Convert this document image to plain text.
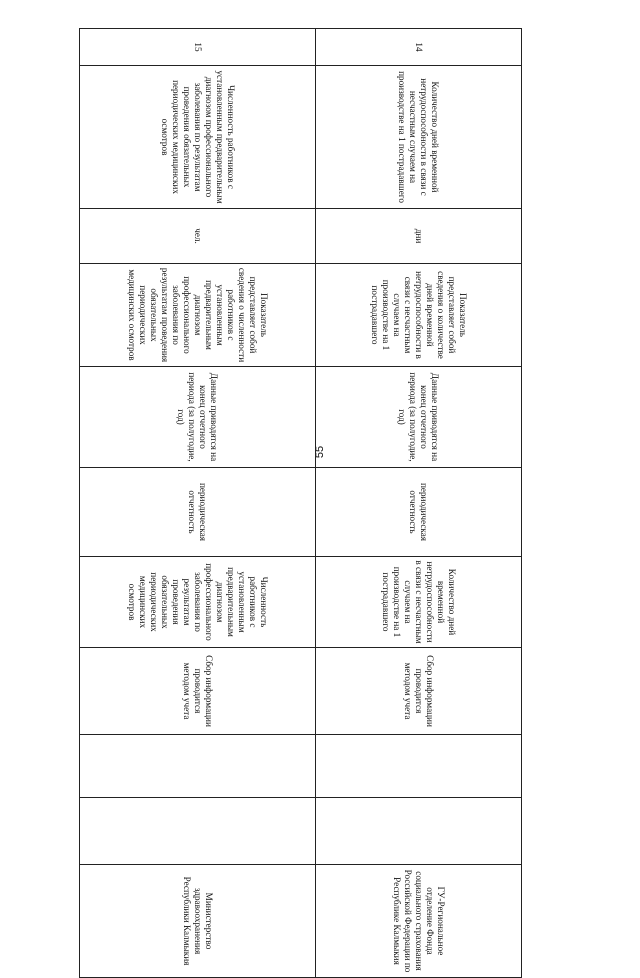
55
14	Количество дней временной нетрудоспособности в связи с несчастным случаем на производстве на 1 пострадавшего	дни	Показатель представляет собой сведения о количестве дней временной нетрудоспособности в связи с несчастным случаем на производстве на 1 пострадавшего	Данные приводятся на конец отчетного периода (за полугодие, год)	периодическая отчетность	Количество дней временной нетрудоспособности в связи с несчастным случаем на производстве на 1 пострадавшего	Сбор информации проводится методом учета			ГУ-Региональное отделение Фонда социального страхования Российской Федерации по Республике Калмыкия
15	Численность работников с установленным предварительным диагнозом профессионального заболевания по результатам проведения обязательных периодических медицинских осмотров	чел.	Показатель представляет собой сведения о численности работников с установленным предварительным диагнозом профессионального заболевания по результатам проведения обязательных периодических медицинских осмотров	Данные приводятся на конец отчетного периода (за полугодие, год)	периодическая отчетность	Численность работников с установленным предварительным диагнозом профессионального заболевания по результатам проведения обязательных периодических медицинских осмотров	Сбор информации проводится методом учета			Министерство здравоохранения Республики Калмыкия
